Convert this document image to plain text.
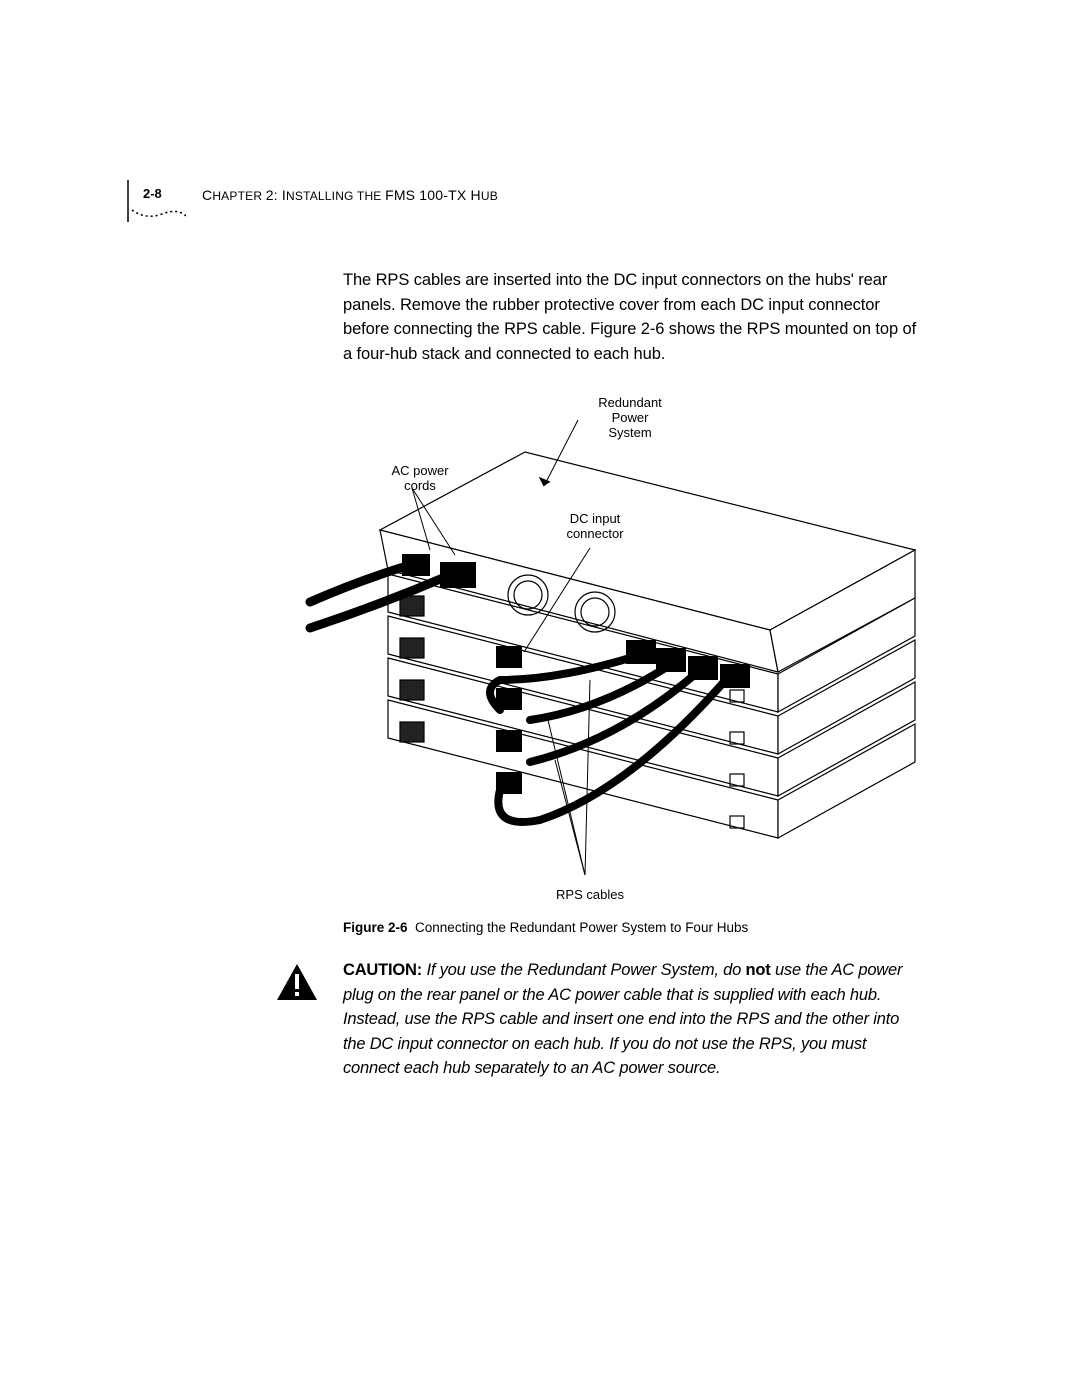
2-8	CHAPTER 2: INSTALLING THE FMS 100-TX HUB
The RPS cables are inserted into the DC input connectors on the hubs' rear panels. Remove the rubber protective cover from each DC input connector before connecting the RPS cable. Figure 2-6 shows the RPS mounted on top of a four-hub stack and connected to each hub.
Redundant
Power
System
AC power
cords
DC input
connector
RPS cables
Figure 2-6 Connecting the Redundant Power System to Four Hubs
CAUTION: If you use the Redundant Power System, do not use the AC power plug on the rear panel or the AC power cable that is supplied with each hub. Instead, use the RPS cable and insert one end into the RPS and the other into the DC input connector on each hub. If you do not use the RPS, you must connect each hub separately to an AC power source.
